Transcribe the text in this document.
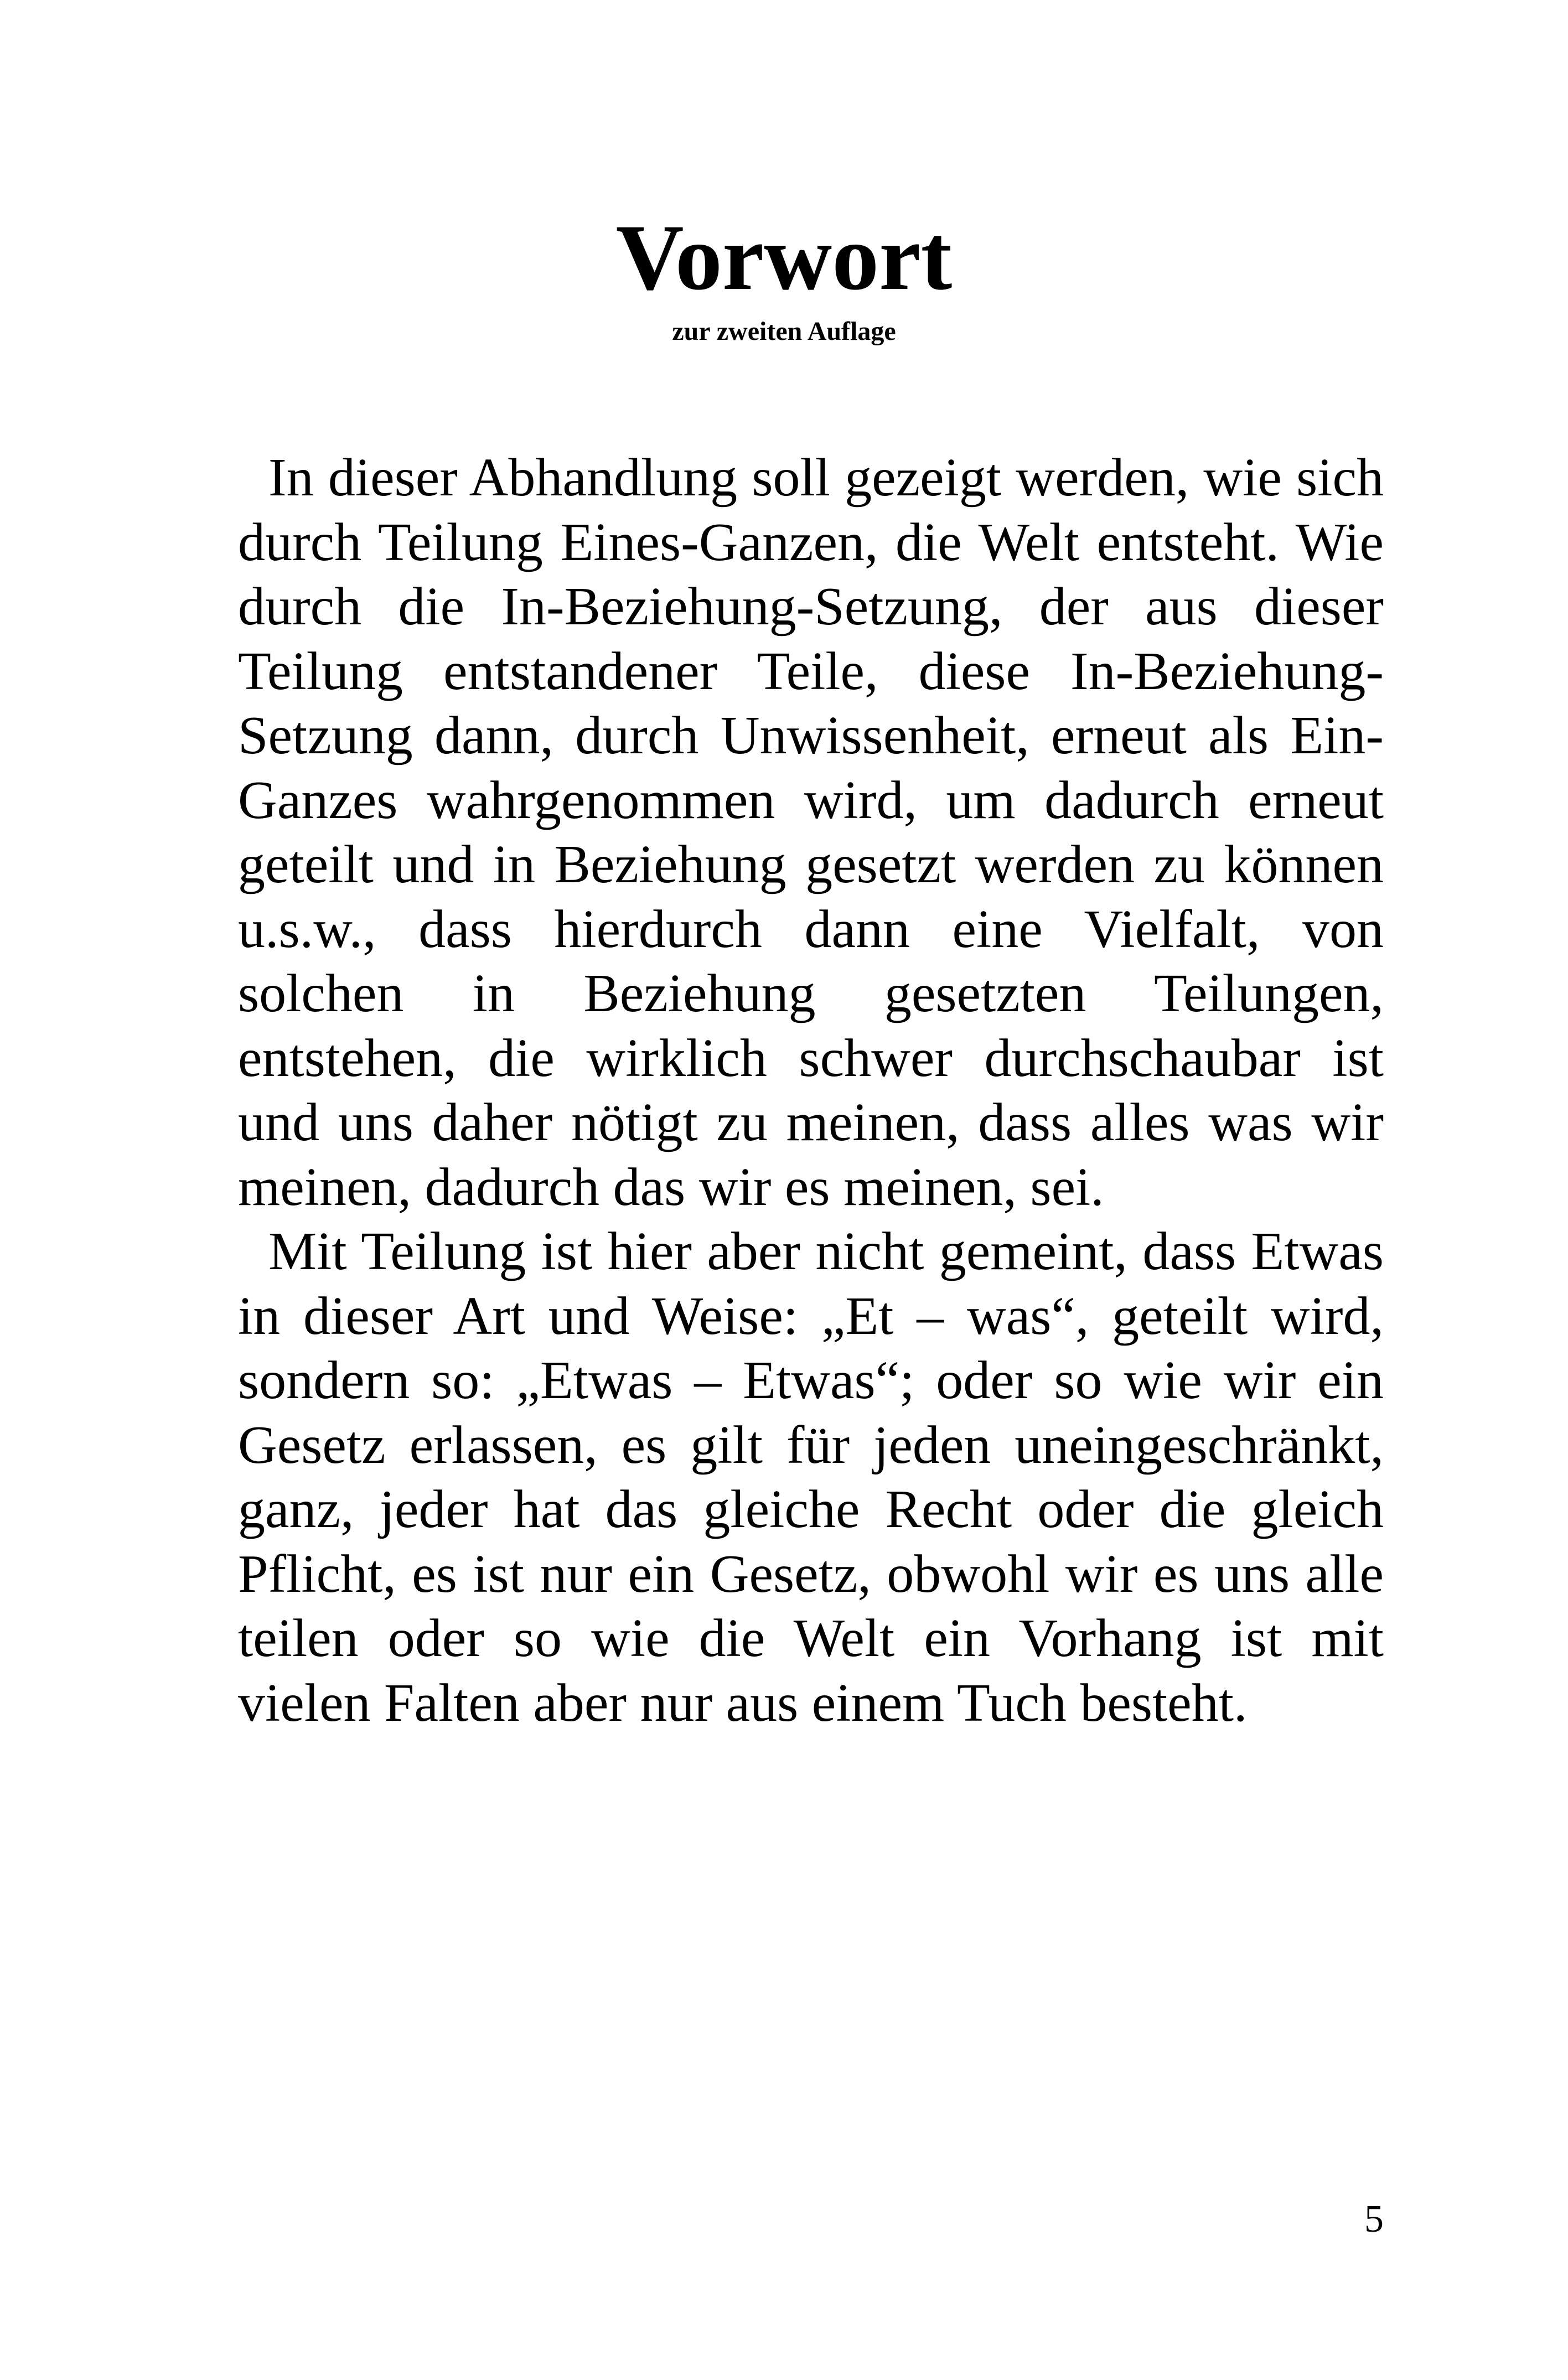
Vorwort
zur zweiten Auflage

In dieser Abhandlung soll gezeigt werden, wie sich durch Teilung Eines-Ganzen, die Welt entsteht. Wie durch die In-Beziehung-Setzung, der aus dieser Teilung entstandener Teile, diese In-Beziehung-Setzung dann, durch Unwissenheit, erneut als Ein-Ganzes wahrgenommen wird, um dadurch erneut geteilt und in Beziehung gesetzt werden zu können u.s.w., dass hierdurch dann eine Vielfalt, von solchen in Beziehung gesetzten Teilungen, entstehen, die wirklich schwer durchschaubar ist und uns daher nötigt zu meinen, dass alles was wir meinen, dadurch das wir es meinen, sei.

Mit Teilung ist hier aber nicht gemeint, dass Etwas in dieser Art und Weise: „Et – was“, geteilt wird, sondern so: „Etwas – Etwas“; oder so wie wir ein Gesetz erlassen, es gilt für jeden uneingeschränkt, ganz, jeder hat das gleiche Recht oder die gleich Pflicht, es ist nur ein Gesetz, obwohl wir es uns alle teilen oder so wie die Welt ein Vorhang ist mit vielen Falten aber nur aus einem Tuch besteht.

5
